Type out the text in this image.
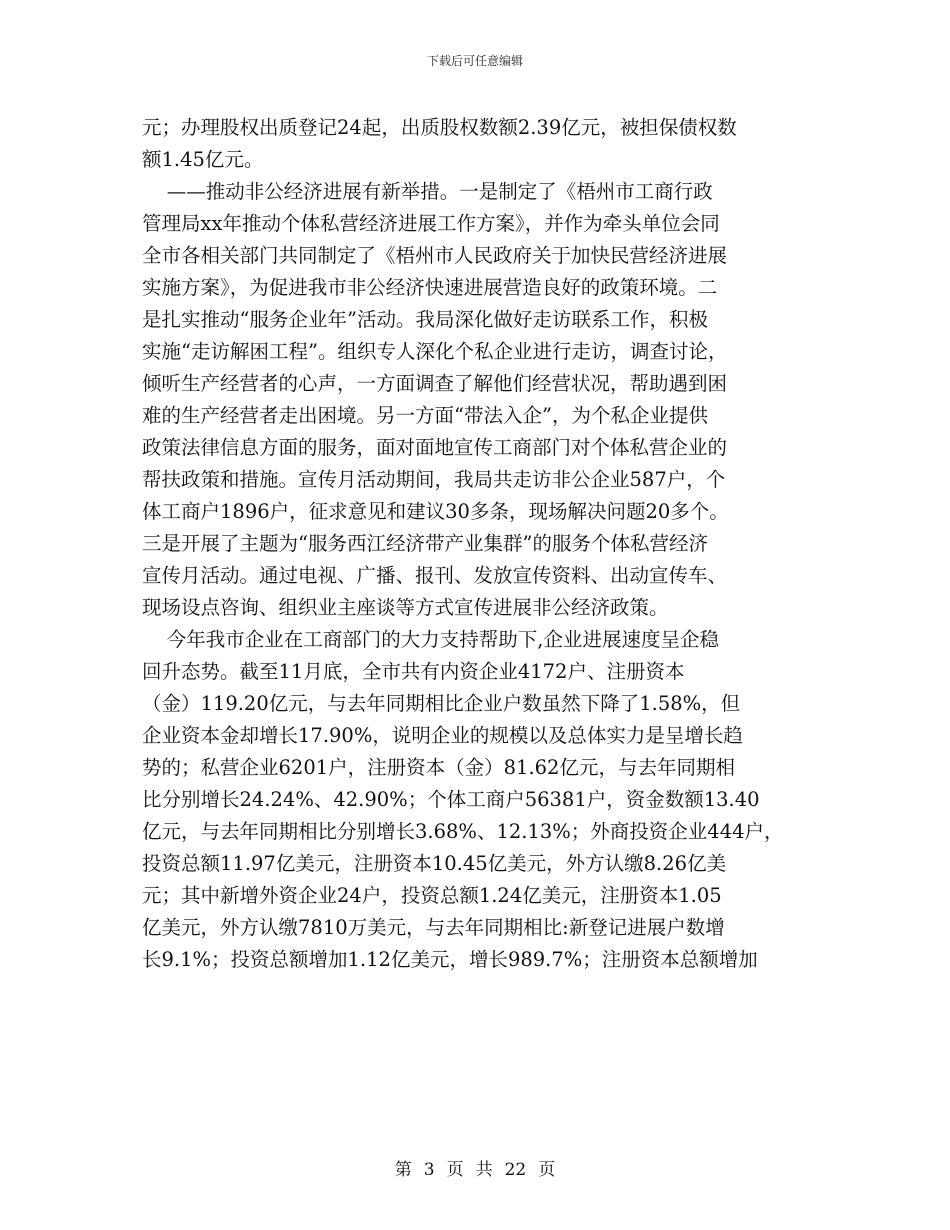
下载后可任意编辑
元；办理股权出质登记24起，出质股权数额2.39亿元，被担保债权数
额1.45亿元。
——推动非公经济进展有新举措。一是制定了《梧州市工商行政
管理局xx年推动个体私营经济进展工作方案》，并作为牵头单位会同
全市各相关部门共同制定了《梧州市人民政府关于加快民营经济进展
实施方案》，为促进我市非公经济快速进展营造良好的政策环境。二
是扎实推动“服务企业年”活动。我局深化做好走访联系工作，积极
实施“走访解困工程”。组织专人深化个私企业进行走访，调查讨论，
倾听生产经营者的心声，一方面调查了解他们经营状况，帮助遇到困
难的生产经营者走出困境。另一方面“带法入企”，为个私企业提供
政策法律信息方面的服务，面对面地宣传工商部门对个体私营企业的
帮扶政策和措施。宣传月活动期间，我局共走访非公企业587户，个
体工商户1896户，征求意见和建议30多条，现场解决问题20多个。
三是开展了主题为“服务西江经济带产业集群”的服务个体私营经济
宣传月活动。通过电视、广播、报刊、发放宣传资料、出动宣传车、
现场设点咨询、组织业主座谈等方式宣传进展非公经济政策。
今年我市企业在工商部门的大力支持帮助下,企业进展速度呈企稳
回升态势。截至11月底，全市共有内资企业4172户、注册资本
（金）119.20亿元，与去年同期相比企业户数虽然下降了1.58%，但
企业资本金却增长17.90%，说明企业的规模以及总体实力是呈增长趋
势的；私营企业6201户，注册资本（金）81.62亿元，与去年同期相
比分别增长24.24%、42.90%；个体工商户56381户，资金数额13.40
亿元，与去年同期相比分别增长3.68%、12.13%；外商投资企业444户，
投资总额11.97亿美元，注册资本10.45亿美元，外方认缴8.26亿美
元；其中新增外资企业24户，投资总额1.24亿美元，注册资本1.05
亿美元，外方认缴7810万美元，与去年同期相比:新登记进展户数增
长9.1%；投资总额增加1.12亿美元，增长989.7%；注册资本总额增加
第 3 页 共 22 页
